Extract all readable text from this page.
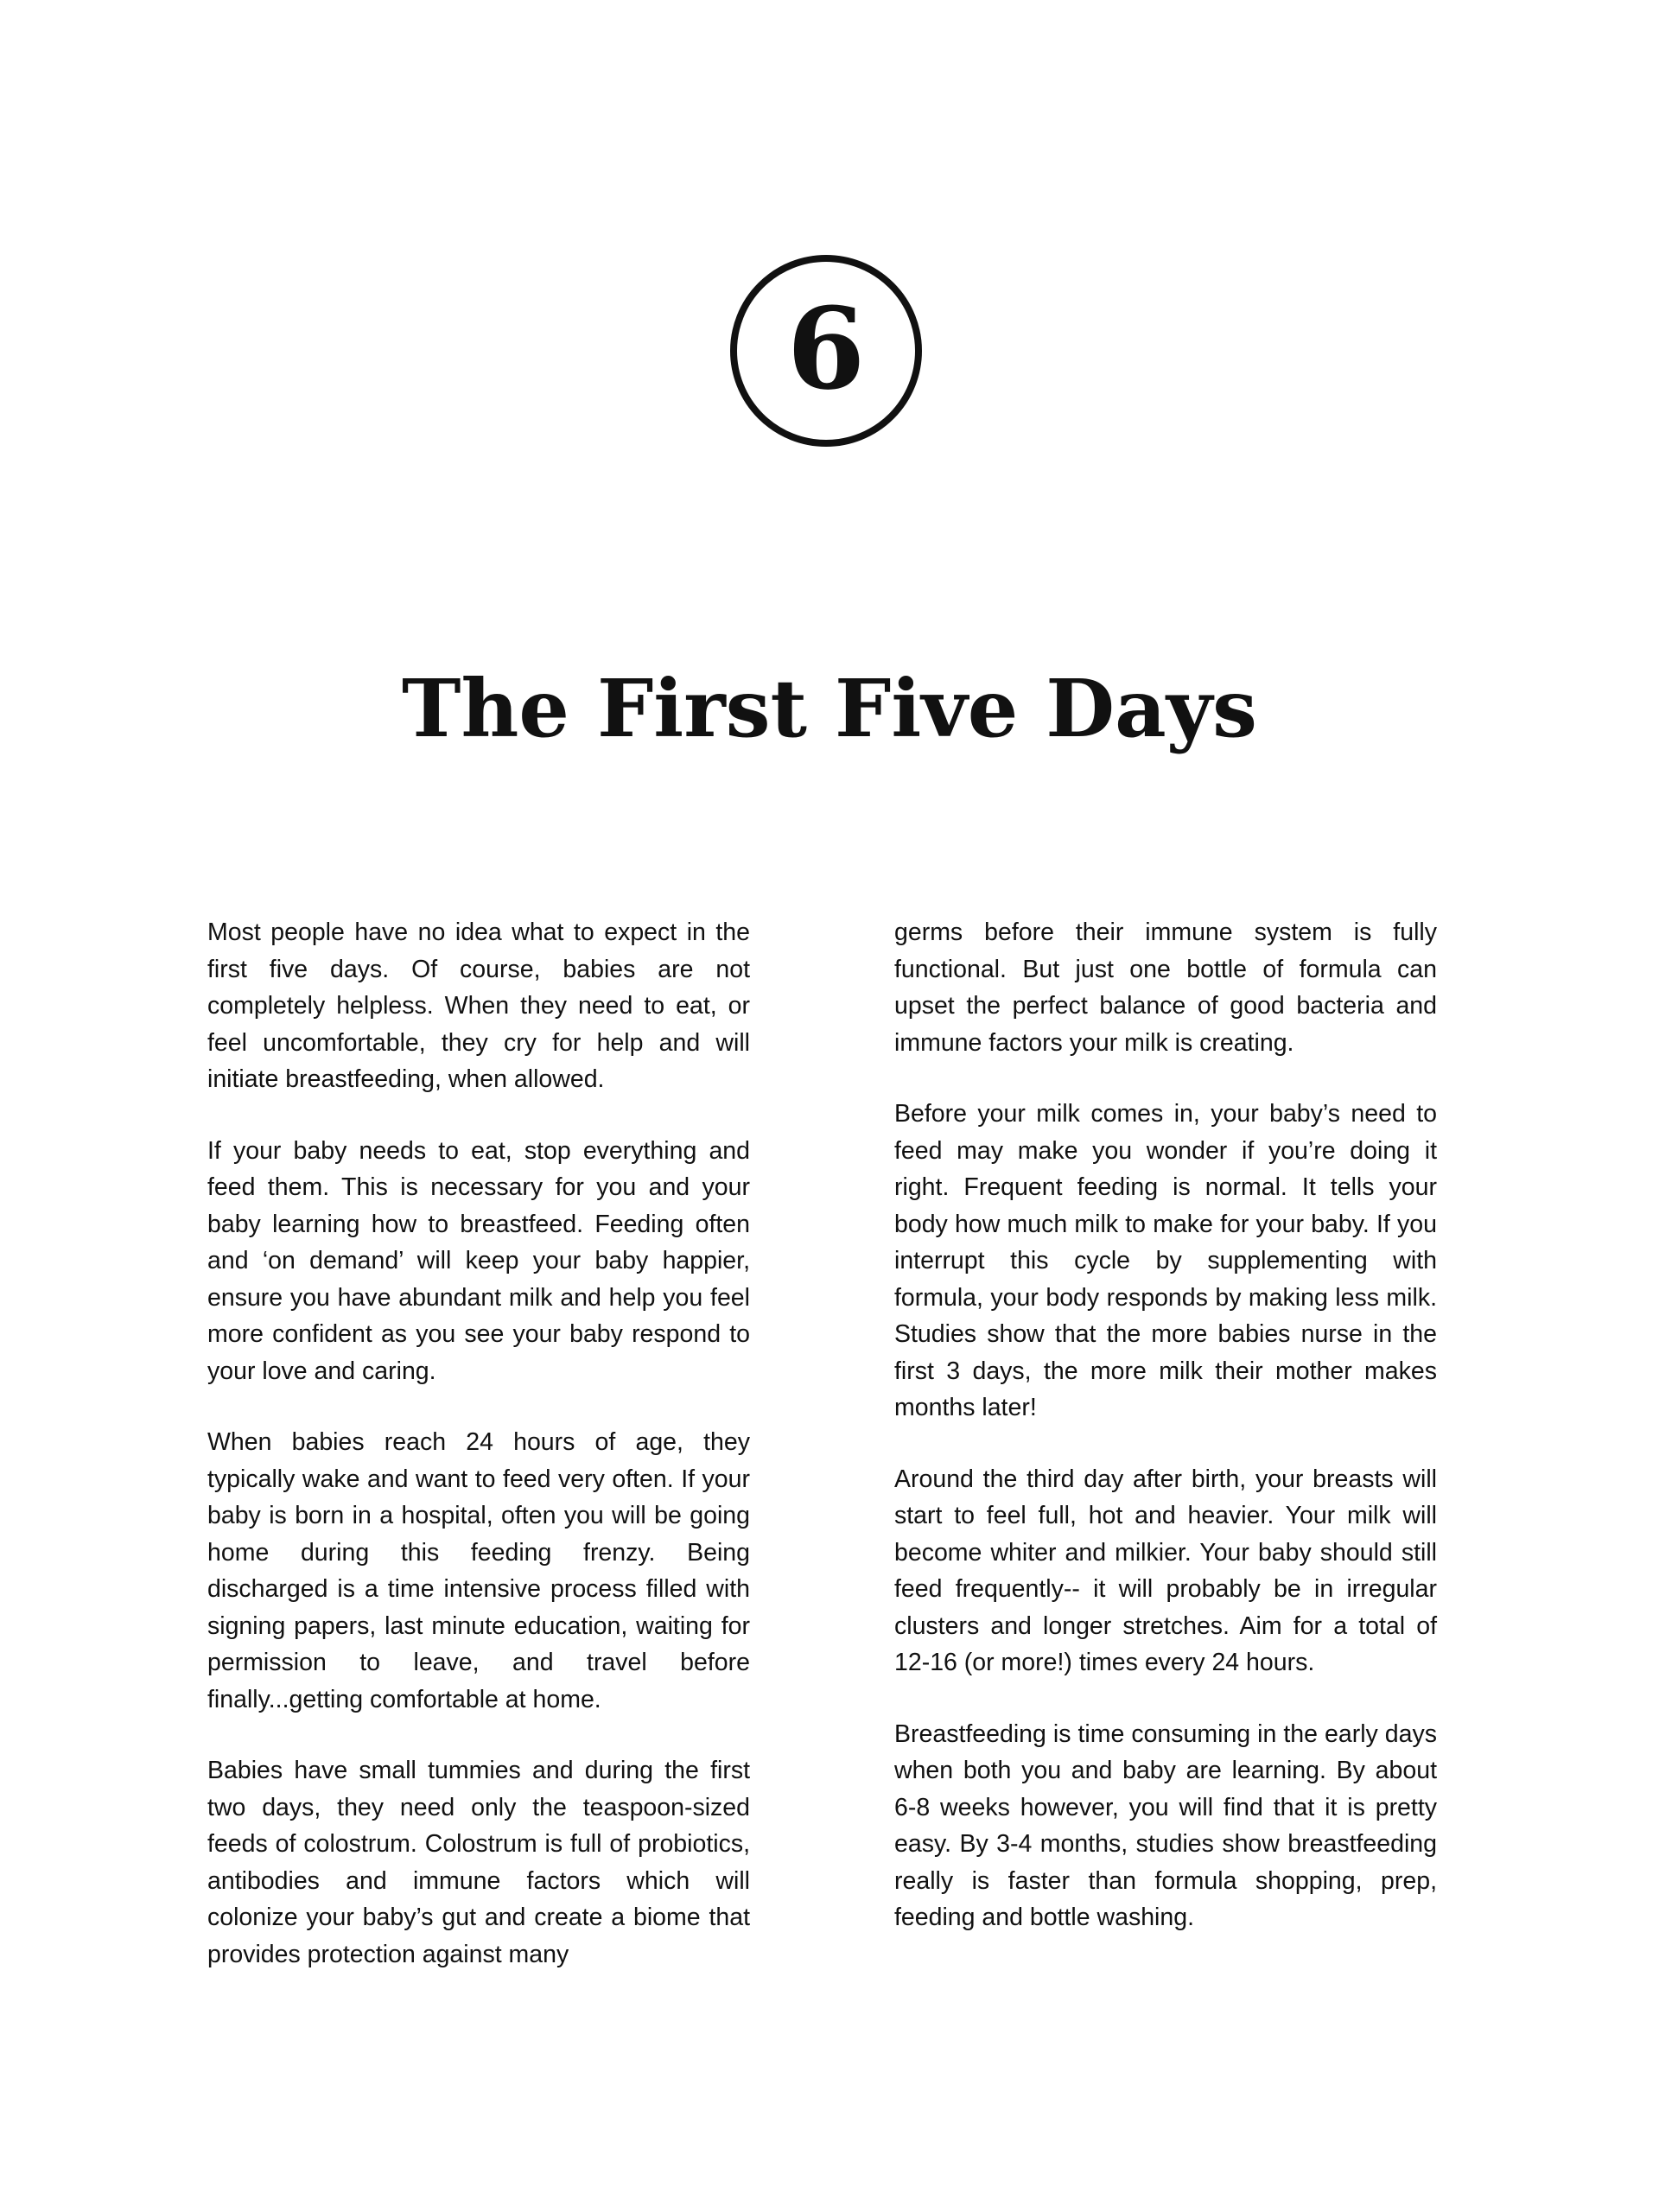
6
The First Five Days

Most people have no idea what to expect in the first five days. Of course, babies are not completely helpless. When they need to eat, or feel uncomfortable, they cry for help and will initiate breastfeeding, when allowed.

If your baby needs to eat, stop everything and feed them. This is necessary for you and your baby learning how to breastfeed. Feeding often and ‘on demand’ will keep your baby happier, ensure you have abundant milk and help you feel more confident as you see your baby respond to your love and caring.

When babies reach 24 hours of age, they typically wake and want to feed very often. If your baby is born in a hospital, often you will be going home during this feeding frenzy. Being discharged is a time intensive process filled with signing papers, last minute education, waiting for permission to leave, and travel before finally...getting comfortable at home.

Babies have small tummies and during the first two days, they need only the teaspoon-sized feeds of colostrum. Colostrum is full of probiotics, antibodies and immune factors which will colonize your baby’s gut and create a biome that provides protection against many

germs before their immune system is fully functional. But just one bottle of formula can upset the perfect balance of good bacteria and immune factors your milk is creating.

Before your milk comes in, your baby’s need to feed may make you wonder if you’re doing it right. Frequent feeding is normal. It tells your body how much milk to make for your baby. If you interrupt this cycle by supplementing with formula, your body responds by making less milk. Studies show that the more babies nurse in the first 3 days, the more milk their mother makes months later!

Around the third day after birth, your breasts will start to feel full, hot and heavier. Your milk will become whiter and milkier. Your baby should still feed frequently-- it will probably be in irregular clusters and longer stretches. Aim for a total of 12-16 (or more!) times every 24 hours.

Breastfeeding is time consuming in the early days when both you and baby are learning. By about 6-8 weeks however, you will find that it is pretty easy. By 3-4 months, studies show breastfeeding really is faster than formula shopping, prep, feeding and bottle washing.
